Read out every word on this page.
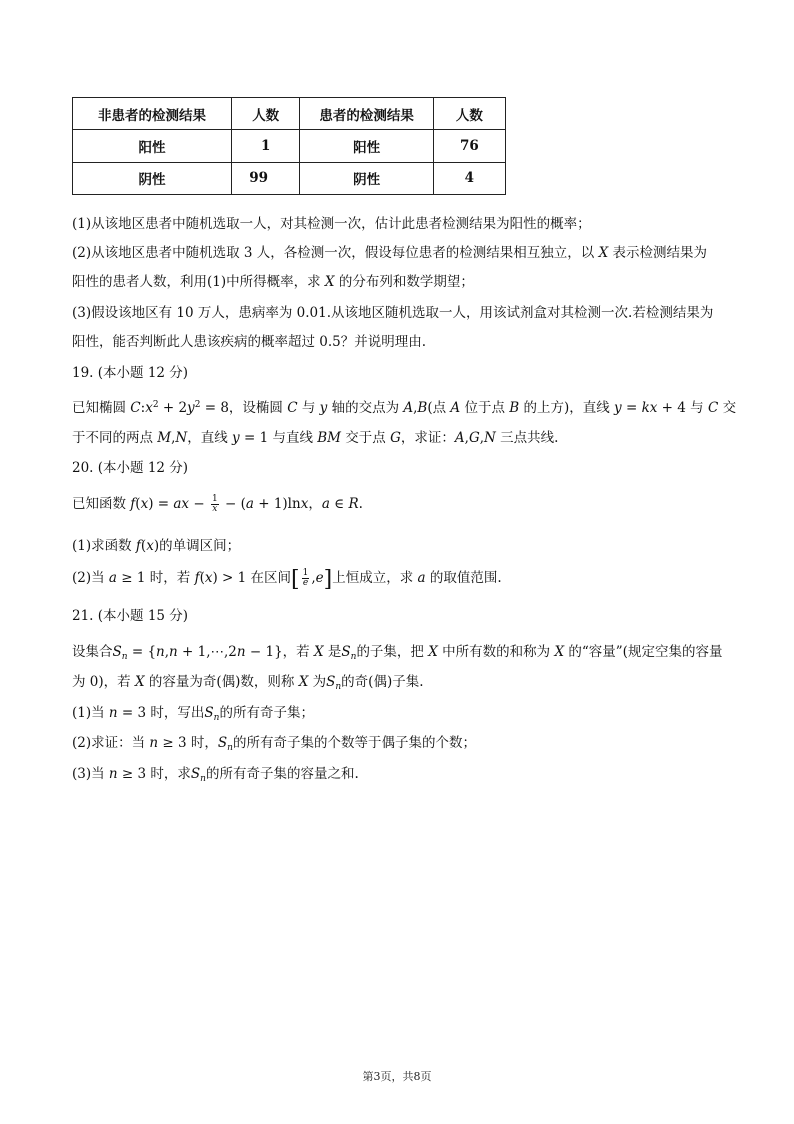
非患者的检测结果	人数	患者的检测结果	人数
阳性	1	阳性	76
阴性	99	阴性	4
(1)从该地区患者中随机选取一人，对其检测一次，估计此患者检测结果为阳性的概率；
(2)从该地区患者中随机选取 3 人，各检测一次，假设每位患者的检测结果相互独立，以 X 表示检测结果为
阳性的患者人数，利用(1)中所得概率，求 X 的分布列和数学期望；
(3)假设该地区有 10 万人，患病率为 0.01.从该地区随机选取一人，用该试剂盒对其检测一次.若检测结果为
阳性，能否判断此人患该疾病的概率超过 0.5？并说明理由.
19. (本小题 12 分)
已知椭圆 $C:x^2 + 2y^2 = 8$，设椭圆 C 与 y 轴的交点为 A,B(点 A 位于点 B 的上方)，直线 y = kx + 4 与 C 交
于不同的两点 M,N，直线 y = 1 与直线 BM 交于点 G，求证：A,G,N 三点共线.
20. (本小题 12 分)
已知函数 f(x) = ax − $\frac{1}{x} - (a + 1)\ln x$，a ∈ R.
(1)求函数 f(x)的单调区间；
(2)当 a ≥ 1 时，若 f(x) > 1 在区间[ $\frac{1}{e} ,e$]上恒成立，求 a 的取值范围.
21. (本小题 15 分)
设集合$S_n = \{n,n$ + 1,⋯,2n − 1}，若 X 是$S_n$的子集，把 X 中所有数的和称为 X 的“容量”(规定空集的容量
为 0)，若 X 的容量为奇(偶)数，则称 X 为$S_n$的奇(偶)子集.
(1)当 n = 3 时，写出$S_n$的所有奇子集；
(2)求证：当 n ≥ 3 时，$S_n$的所有奇子集的个数等于偶子集的个数；
(3)当 n ≥ 3 时，求$S_n$的所有奇子集的容量之和.
第3页，共8页
